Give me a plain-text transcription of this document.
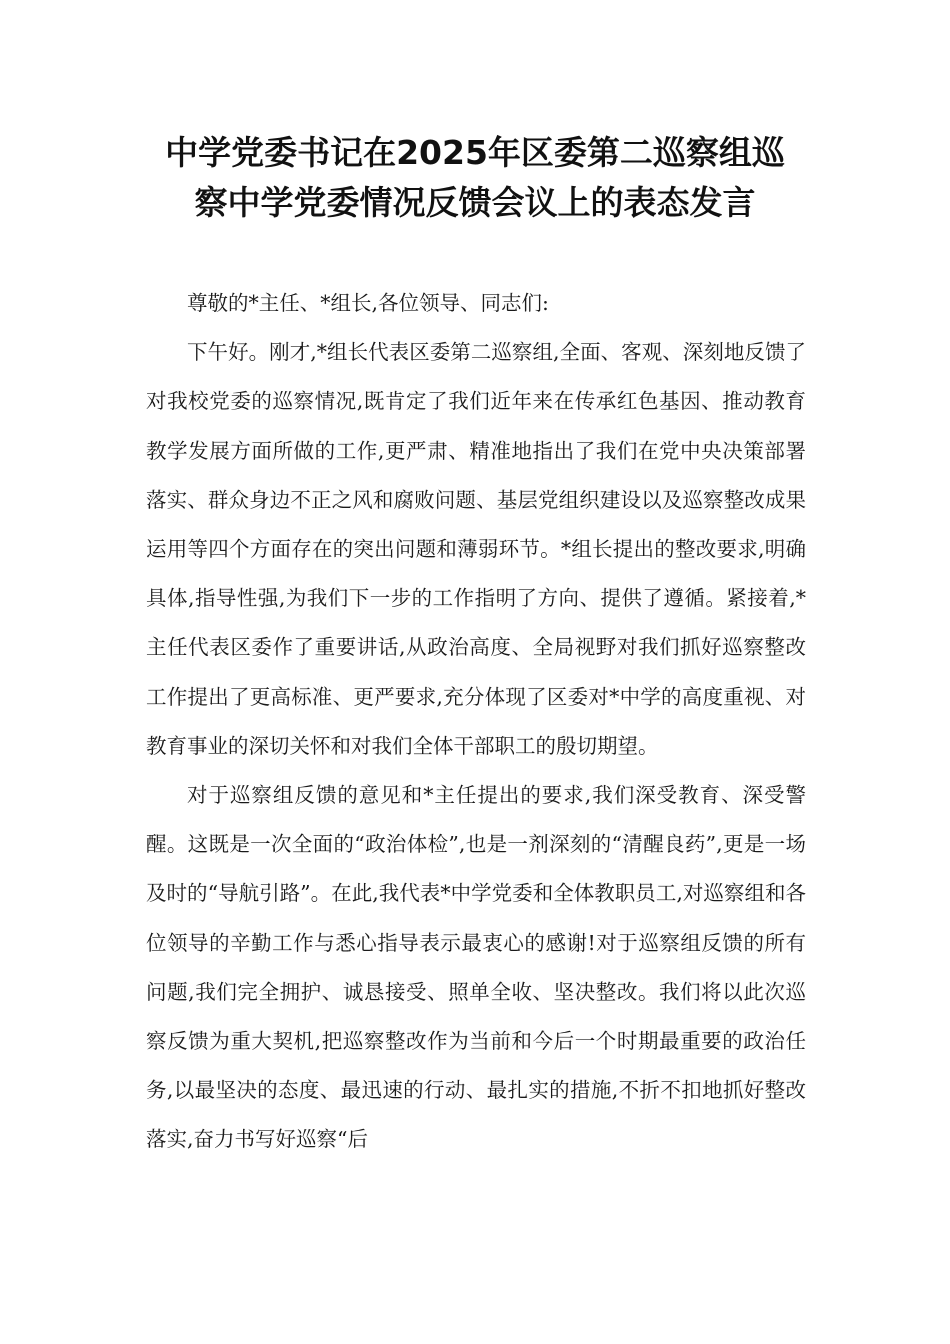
中学党委书记在2025年区委第二巡察组巡
察中学党委情况反馈会议上的表态发言

尊敬的*主任、*组长,各位领导、同志们:

下午好。刚才,*组长代表区委第二巡察组,全面、客观、深刻地反馈了对我校党委的巡察情况,既肯定了我们近年来在传承红色基因、推动教育教学发展方面所做的工作,更严肃、精准地指出了我们在党中央决策部署落实、群众身边不正之风和腐败问题、基层党组织建设以及巡察整改成果运用等四个方面存在的突出问题和薄弱环节。*组长提出的整改要求,明确具体,指导性强,为我们下一步的工作指明了方向、提供了遵循。紧接着,*主任代表区委作了重要讲话,从政治高度、全局视野对我们抓好巡察整改工作提出了更高标准、更严要求,充分体现了区委对*中学的高度重视、对教育事业的深切关怀和对我们全体干部职工的殷切期望。

对于巡察组反馈的意见和*主任提出的要求,我们深受教育、深受警醒。这既是一次全面的“政治体检”,也是一剂深刻的“清醒良药”,更是一场及时的“导航引路”。在此,我代表*中学党委和全体教职员工,对巡察组和各位领导的辛勤工作与悉心指导表示最衷心的感谢!对于巡察组反馈的所有问题,我们完全拥护、诚恳接受、照单全收、坚决整改。我们将以此次巡察反馈为重大契机,把巡察整改作为当前和今后一个时期最重要的政治任务,以最坚决的态度、最迅速的行动、最扎实的措施,不折不扣地抓好整改落实,奋力书写好巡察“后
